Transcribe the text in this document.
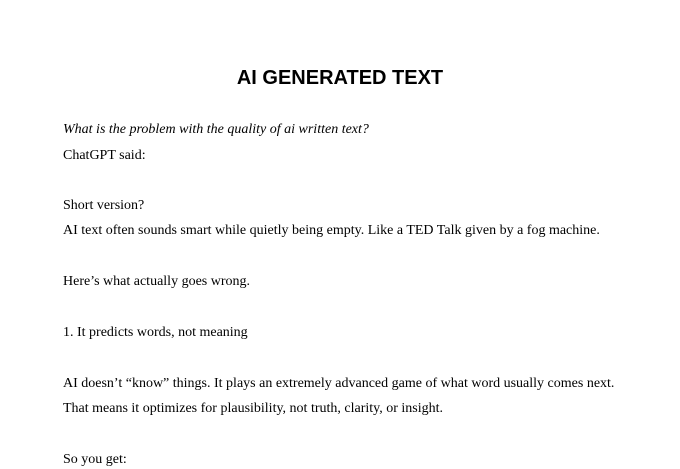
AI GENERATED TEXT

What is the problem with the quality of ai written text?

ChatGPT said:

Short version?

AI text often sounds smart while quietly being empty. Like a TED Talk given by a fog machine.

Here’s what actually goes wrong.

1. It predicts words, not meaning

AI doesn’t “know” things. It plays an extremely advanced game of what word usually comes next.

That means it optimizes for plausibility, not truth, clarity, or insight.

So you get:
